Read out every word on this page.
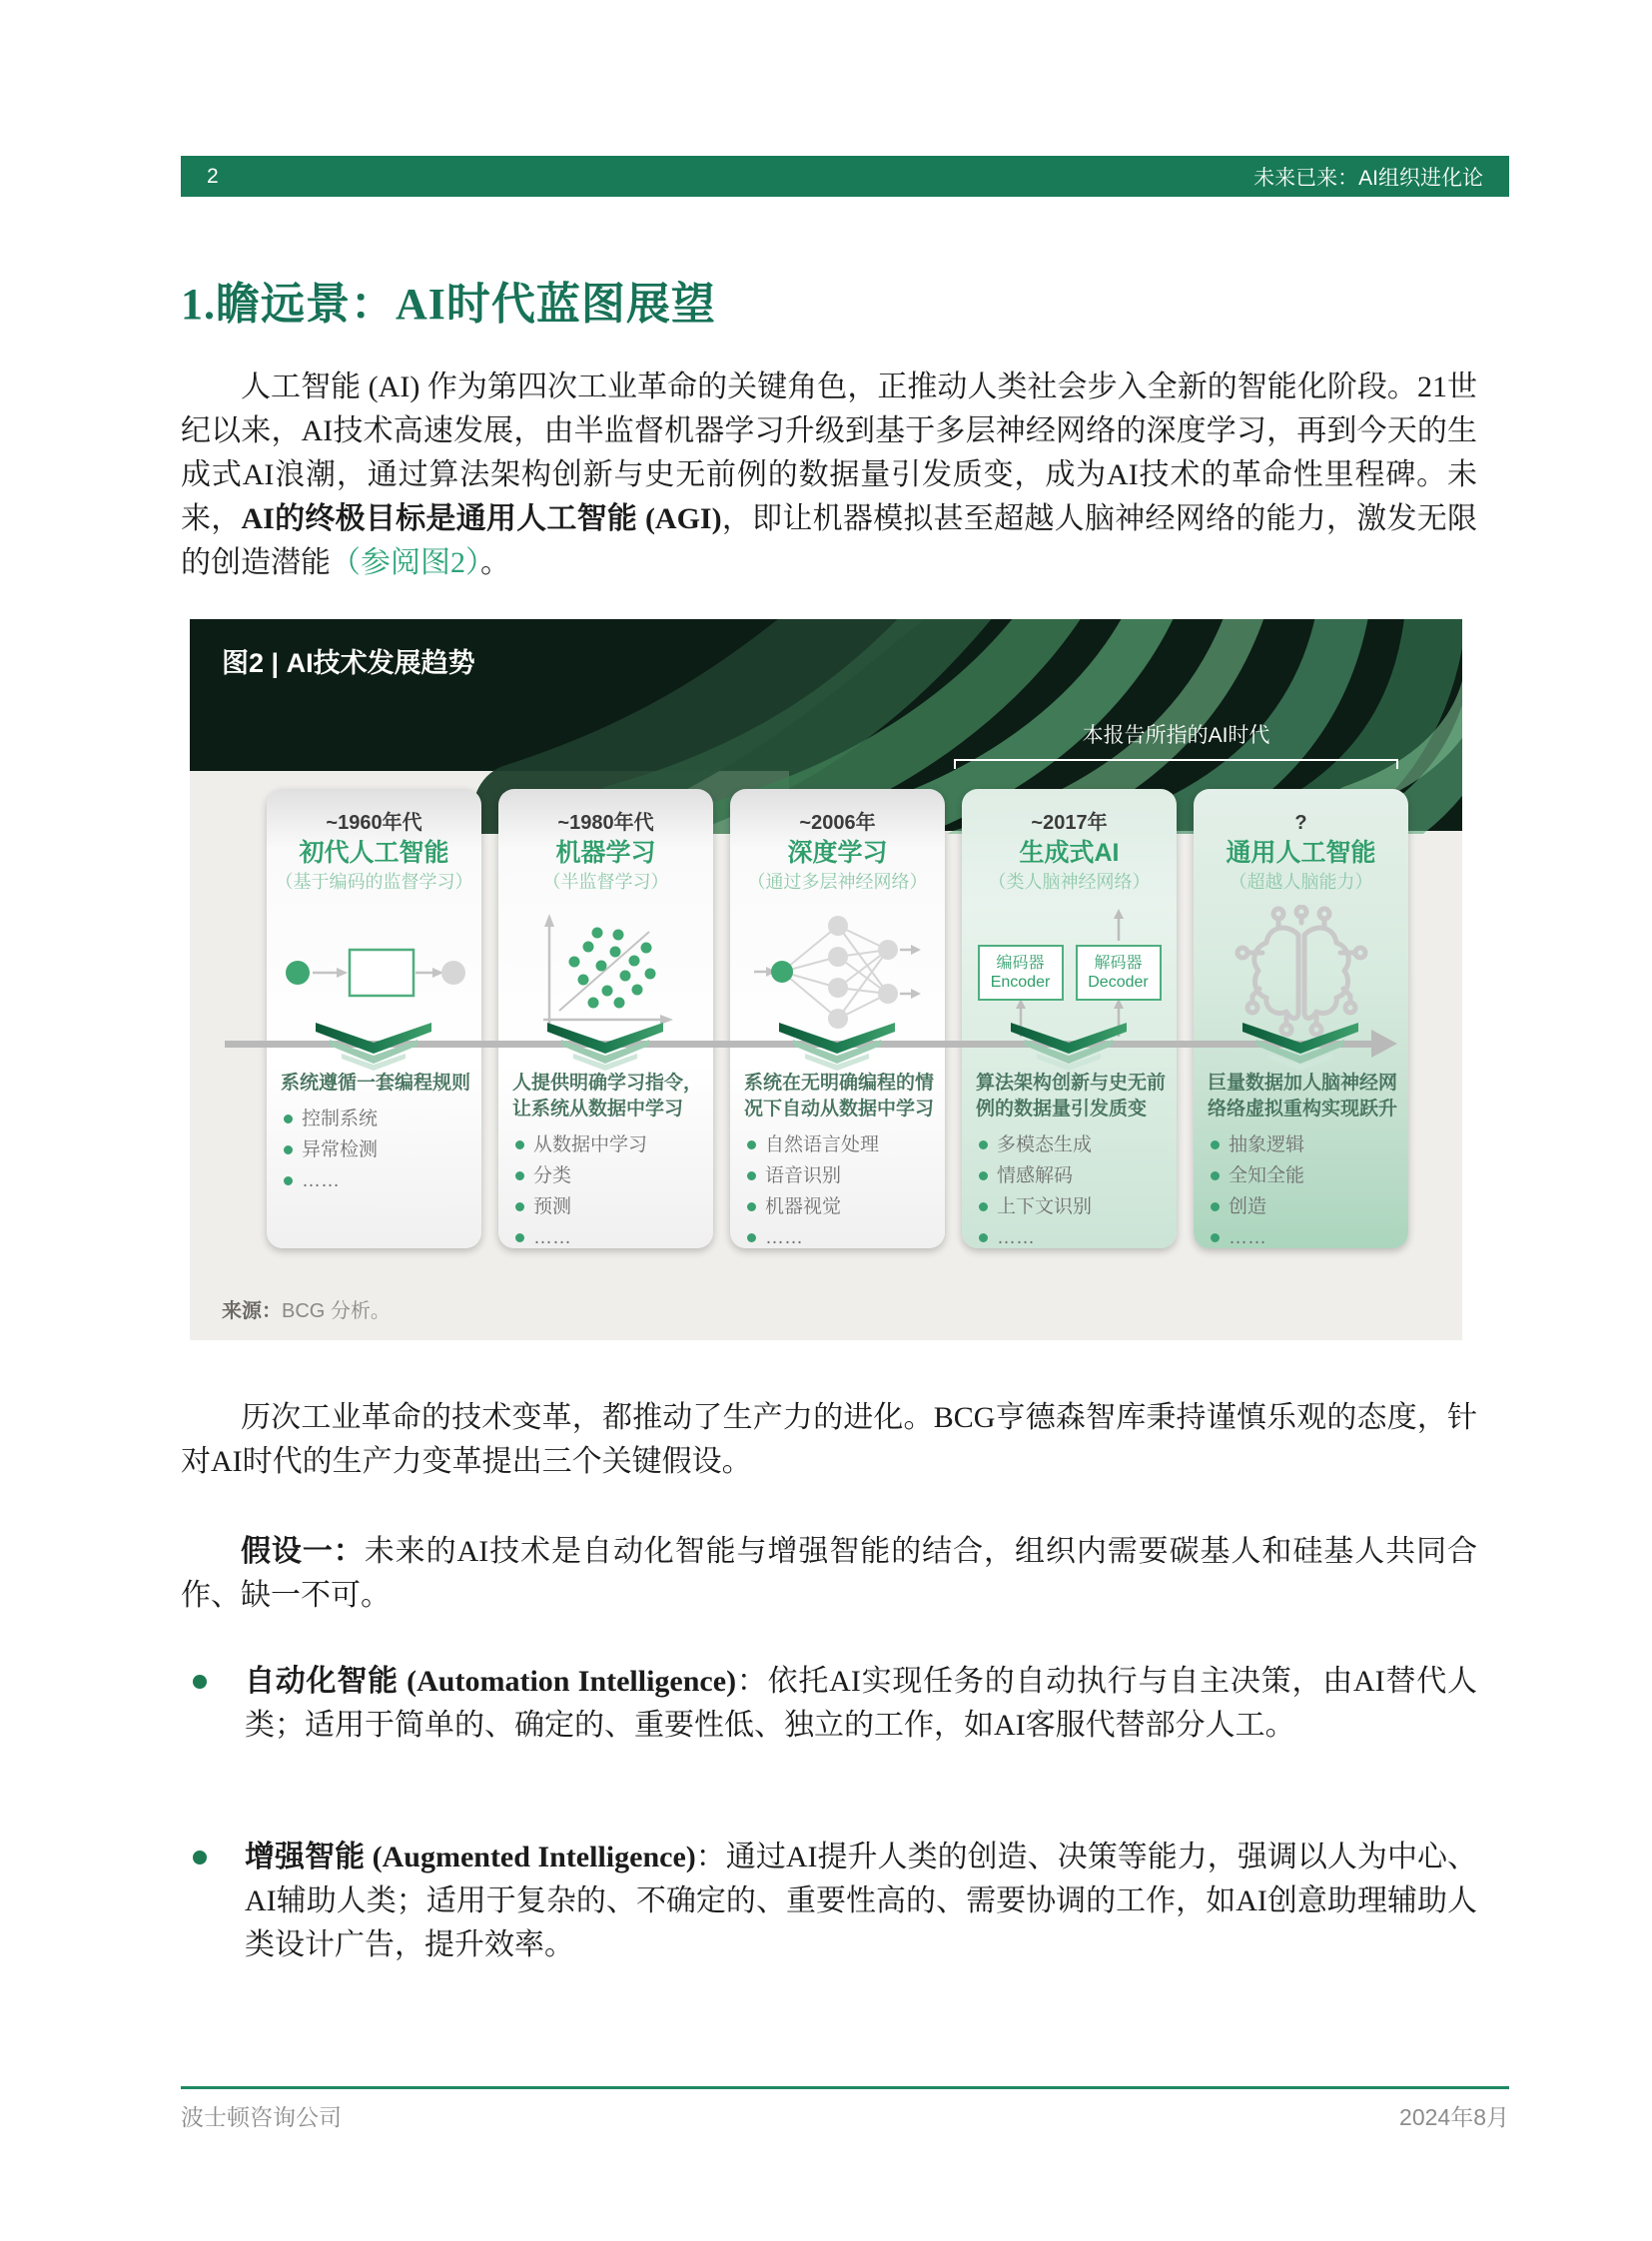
2	未来已来：AI组织进化论
1.瞻远景：AI时代蓝图展望

人工智能 (AI) 作为第四次工业革命的关键角色，正推动人类社会步入全新的智能化阶段。21世纪以来，AI技术高速发展，由半监督机器学习升级到基于多层神经网络的深度学习，再到今天的生成式AI浪潮，通过算法架构创新与史无前例的数据量引发质变，成为AI技术的革命性里程碑。未来，AI的终极目标是通用人工智能 (AGI)，即让机器模拟甚至超越人脑神经网络的能力，激发无限的创造潜能（参阅图2）。

图2 | AI技术发展趋势
本报告所指的AI时代
~1960年代
初代人工智能
（基于编码的监督学习）
系统遵循一套编程规则
控制系统
异常检测
……
~1980年代
机器学习
（半监督学习）
人提供明确学习指令，让系统从数据中学习
从数据中学习
分类
预测
……
~2006年
深度学习
（通过多层神经网络）
系统在无明确编程的情况下自动从数据中学习
自然语言处理
语音识别
机器视觉
……
~2017年
生成式AI
（类人脑神经网络）
编码器
Encoder
解码器
Decoder
算法架构创新与史无前例的数据量引发质变
多模态生成
情感解码
上下文识别
……
?
通用人工智能
（超越人脑能力）
巨量数据加人脑神经网络络虚拟重构实现跃升
抽象逻辑
全知全能
创造
……
来源：BCG 分析。

历次工业革命的技术变革，都推动了生产力的进化。BCG亨德森智库秉持谨慎乐观的态度，针对AI时代的生产力变革提出三个关键假设。

假设一：未来的AI技术是自动化智能与增强智能的结合，组织内需要碳基人和硅基人共同合作、缺一不可。

自动化智能 (Automation Intelligence)：依托AI实现任务的自动执行与自主决策，由AI替代人类；适用于简单的、确定的、重要性低、独立的工作，如AI客服代替部分人工。
增强智能 (Augmented Intelligence)：通过AI提升人类的创造、决策等能力，强调以人为中心、AI辅助人类；适用于复杂的、不确定的、重要性高的、需要协调的工作，如AI创意助理辅助人类设计广告，提升效率。
波士顿咨询公司	2024年8月
